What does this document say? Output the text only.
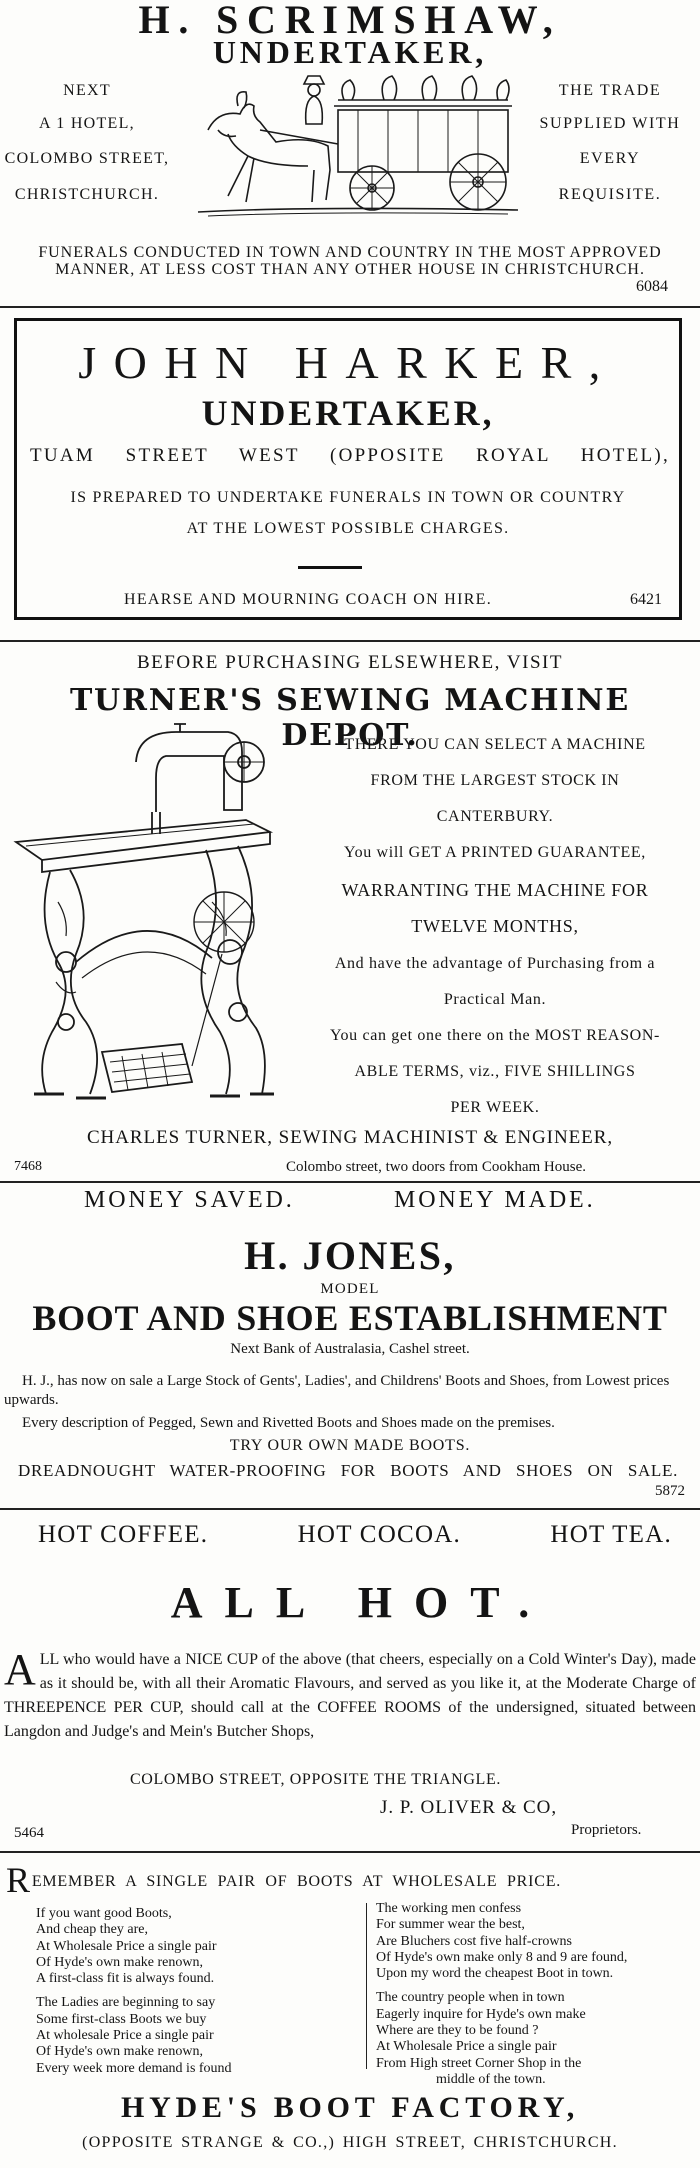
H. SCRIMSHAW,
UNDERTAKER,
NEXT
A 1 HOTEL,
COLOMBO STREET,
CHRISTCHURCH.
THE TRADE
SUPPLIED WITH
EVERY
REQUISITE.
FUNERALS CONDUCTED IN TOWN AND COUNTRY IN THE MOST APPROVED MANNER, AT LESS COST THAN ANY OTHER HOUSE IN CHRISTCHURCH.
6084
JOHN HARKER,
UNDERTAKER,
TUAM STREET WEST (OPPOSITE ROYAL HOTEL),
IS PREPARED TO UNDERTAKE FUNERALS IN TOWN OR COUNTRY
AT THE LOWEST POSSIBLE CHARGES.
HEARSE AND MOURNING COACH ON HIRE.	6421
BEFORE PURCHASING ELSEWHERE, VISIT
TURNER'S SEWING MACHINE DEPOT.
THERE YOU CAN SELECT A MACHINE
FROM THE LARGEST STOCK IN
CANTERBURY.
You will GET A PRINTED GUARANTEE,
WARRANTING THE MACHINE FOR
TWELVE MONTHS,
And have the advantage of Purchasing from a
Practical Man.
You can get one there on the MOST REASON-
ABLE TERMS, viz., FIVE SHILLINGS
PER WEEK.
CHARLES TURNER, SEWING MACHINIST & ENGINEER,
7468	Colombo street, two doors from Cookham House.
MONEY SAVED.	MONEY MADE.
H. JONES,
MODEL
BOOT AND SHOE ESTABLISHMENT
Next Bank of Australasia, Cashel street.
H. J., has now on sale a Large Stock of Gents', Ladies', and Childrens' Boots and Shoes, from Lowest prices upwards.
Every description of Pegged, Sewn and Rivetted Boots and Shoes made on the premises.
TRY OUR OWN MADE BOOTS.
DREADNOUGHT WATER-PROOFING FOR BOOTS AND SHOES ON SALE.
5872
HOT COFFEE.	HOT COCOA.	HOT TEA.
ALL HOT.
ALL who would have a NICE CUP of the above (that cheers, especially on a Cold Winter's Day), made as it should be, with all their Aromatic Flavours, and served as you like it, at the Moderate Charge of THREEPENCE PER CUP, should call at the COFFEE ROOMS of the undersigned, situated between Langdon and Judge's and Mein's Butcher Shops,
COLOMBO STREET, OPPOSITE THE TRIANGLE.
J. P. OLIVER & CO,
5464	Proprietors.
REMEMBER A SINGLE PAIR OF BOOTS AT WHOLESALE PRICE.
If you want good Boots,
And cheap they are,
At Wholesale Price a single pair
Of Hyde's own make renown,
A first-class fit is always found.
The Ladies are beginning to say
Some first-class Boots we buy
At wholesale Price a single pair
Of Hyde's own make renown,
Every week more demand is found
The working men confess
For summer wear the best,
Are Bluchers cost five half-crowns
Of Hyde's own make only 8 and 9 are found,
Upon my word the cheapest Boot in town.
The country people when in town
Eagerly inquire for Hyde's own make
Where are they to be found ?
At Wholesale Price a single pair
From High street Corner Shop in the
middle of the town.
HYDE'S BOOT FACTORY,
(OPPOSITE STRANGE & CO.,) HIGH STREET, CHRISTCHURCH.
